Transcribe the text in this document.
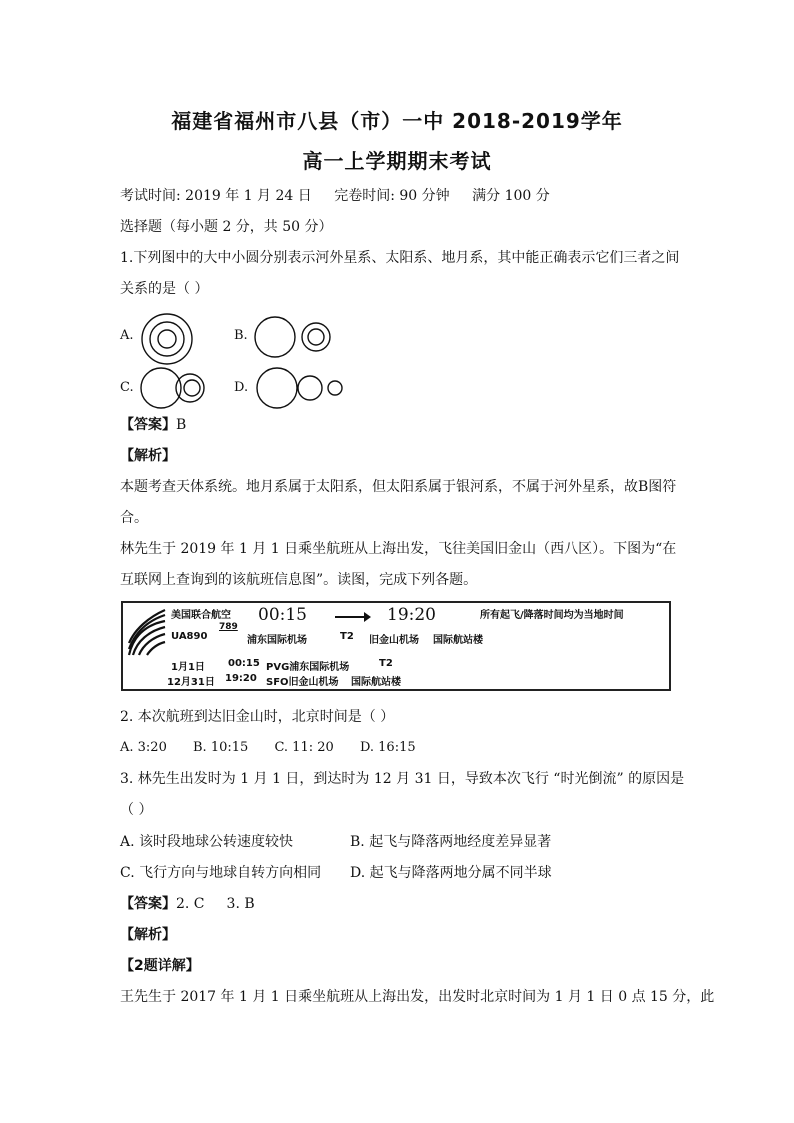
福建省福州市八县（市）一中 2018-2019学年
高一上学期期末考试
考试时间: 2019 年 1 月 24 日 完卷时间: 90 分钟 满分 100 分
选择题（每小题 2 分，共 50 分）
1.下列图中的大中小圆分别表示河外星系、太阳系、地月系，其中能正确表示它们三者之间
关系的是（ ）
A.	B.
C.	D.
【答案】B
【解析】
本题考查天体系统。地月系属于太阳系，但太阳系属于银河系，不属于河外星系，故B图符
合。
林先生于 2019 年 1 月 1 日乘坐航班从上海出发，飞往美国旧金山（西八区）。下图为“在
互联网上查询到的该航班信息图”。读图，完成下列各题。
美国联合航空 00:15	19:20	所有起飞/降落时间均为当地时间
UA890
789
浦东国际机场	T2 旧金山机场 国际航站楼
1月1日 00:15 PVG浦东国际机场	T2
12月31日 19:20 SFO旧金山机场 国际航站楼
2. 本次航班到达旧金山时，北京时间是（ ）
A. 3:20 B. 10:15 C. 11: 20 D. 16:15
3. 林先生出发时为 1 月 1 日，到达时为 12 月 31 日，导致本次飞行 “时光倒流” 的原因是
（ ）
A. 该时段地球公转速度较快	B. 起飞与降落两地经度差异显著
C. 飞行方向与地球自转方向相同 D. 起飞与降落两地分属不同半球
【答案】2. C 3. B
【解析】
【2题详解】
王先生于 2017 年 1 月 1 日乘坐航班从上海出发，出发时北京时间为 1 月 1 日 0 点 15 分，此
